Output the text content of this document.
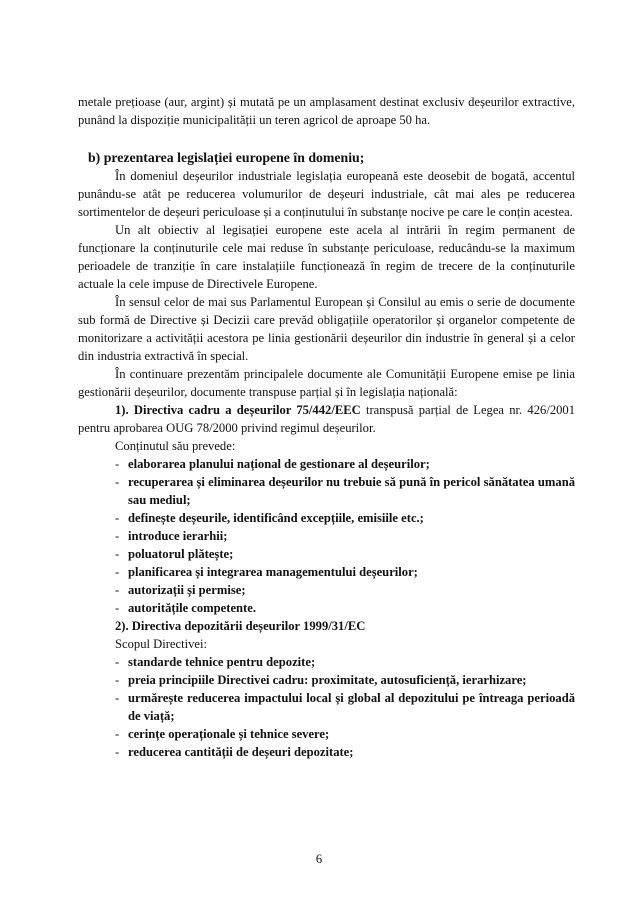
metale prețioase (aur, argint) și mutată pe un amplasament destinat exclusiv deșeurilor extractive, punând la dispoziție municipalității un teren agricol de aproape 50 ha.

b) prezentarea legislației europene în domeniu;

În domeniul deșeurilor industriale legislația europeană este deosebit de bogată, accentul punându-se atât pe reducerea volumurilor de deșeuri industriale, cât mai ales pe reducerea sortimentelor de deșeuri periculoase și a conținutului în substanțe nocive pe care le conțin acestea.

Un alt obiectiv al legisației europene este acela al intrării în regim permanent de funcționare la conținuturile cele mai reduse în substanțe periculoase, reducându-se la maximum perioadele de tranziție în care instalațiile funcționează în regim de trecere de la conținuturile actuale la cele impuse de Directivele Europene.

În sensul celor de mai sus Parlamentul European și Consilul au emis o serie de documente sub formă de Directive și Decizii care prevăd obligațiile operatorilor și organelor competente de monitorizare a activității acestora pe linia gestionării deșeurilor din industrie în general și a celor din industria extractivă în special.

În continuare prezentăm principalele documente ale Comunității Europene emise pe linia gestionării deșeurilor, documente transpuse parțial și în legislația națională:

1). Directiva cadru a deșeurilor 75/442/EEC transpusă parțial de Legea nr. 426/2001 pentru aprobarea OUG 78/2000 privind regimul deșeurilor.

Conținutul său prevede:

- elaborarea planului național de gestionare al deșeurilor;
- recuperarea și eliminarea deșeurilor nu trebuie să pună în pericol sănătatea umană sau mediul;
- definește deșeurile, identificând excepțiile, emisiile etc.;
- introduce ierarhii;
- poluatorul plătește;
- planificarea și integrarea managementului deșeurilor;
- autorizații și permise;
- autoritățile competente.

2). Directiva depozitării deșeurilor 1999/31/EC

Scopul Directivei:

- standarde tehnice pentru depozite;
- preia principiile Directivei cadru: proximitate, autosuficiență, ierarhizare;
- urmărește reducerea impactului local și global al depozitului pe întreaga perioadă de viață;
- cerințe operaționale și tehnice severe;
- reducerea cantității de deșeuri depozitate;
6
